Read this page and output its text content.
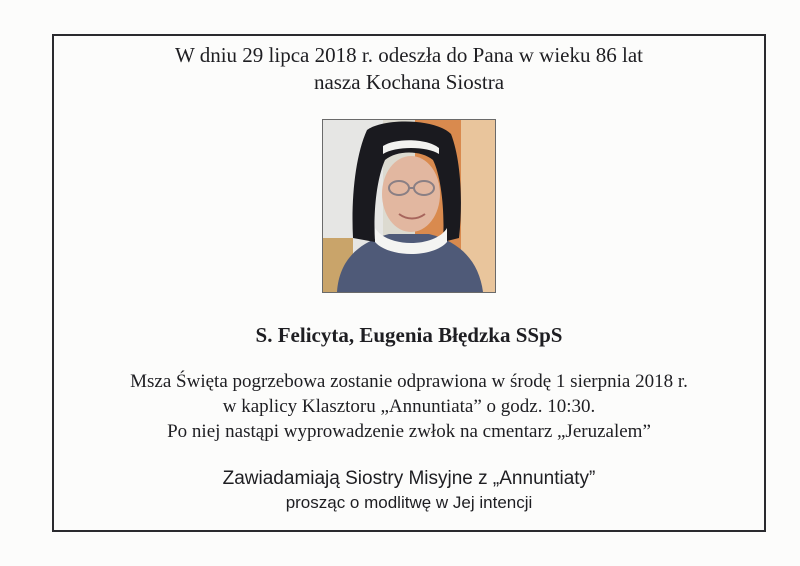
W dniu 29 lipca 2018 r. odeszła do Pana w wieku 86 lat
nasza Kochana Siostra
S. Felicyta, Eugenia Błędzka SSpS
Msza Święta pogrzebowa zostanie odprawiona w środę 1 sierpnia 2018 r.
w kaplicy Klasztoru „Annuntiata” o godz. 10:30.
Po niej nastąpi wyprowadzenie zwłok na cmentarz „Jeruzalem”
Zawiadamiają Siostry Misyjne z „Annuntiaty”
prosząc o modlitwę w Jej intencji
